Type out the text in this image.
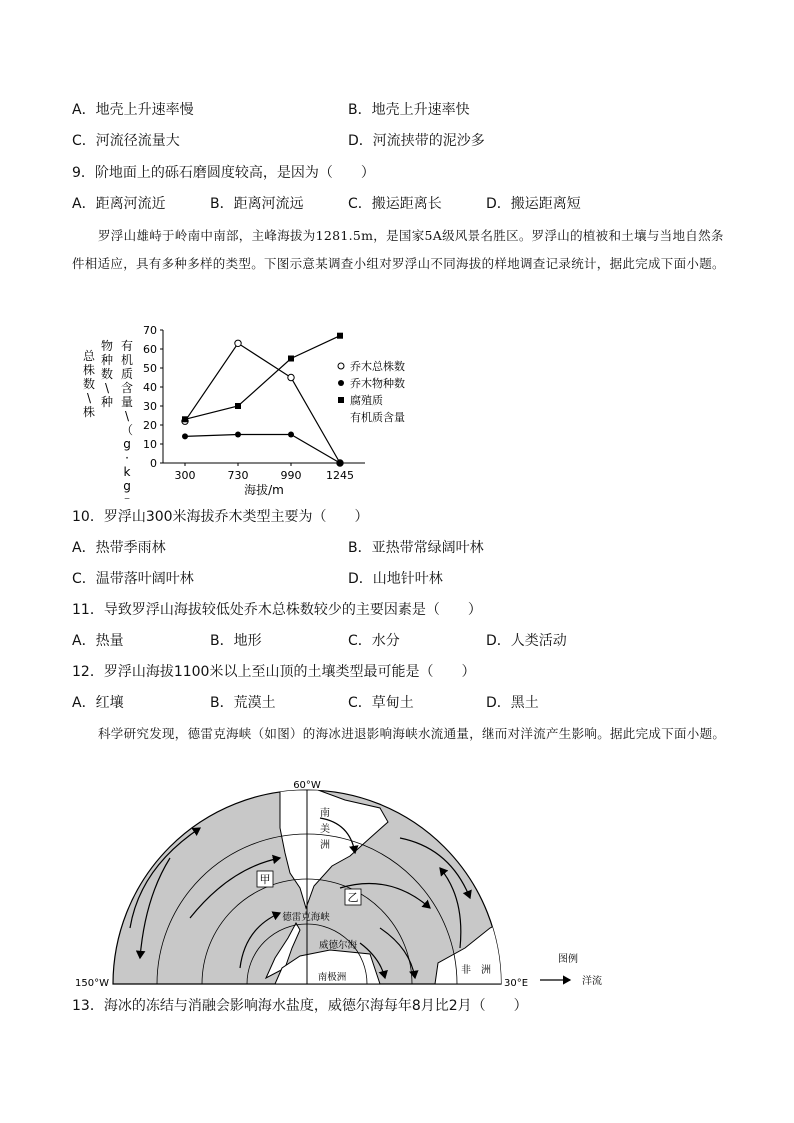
A．地壳上升速率慢	B．地壳上升速率快
C．河流径流量大	D．河流挟带的泥沙多
9．阶地面上的砾石磨圆度较高，是因为（　　）
A．距离河流近	B．距离河流远	C．搬运距离长	D．搬运距离短
罗浮山雄峙于岭南中南部，主峰海拔为1281.5m，是国家5A级风景名胜区。罗浮山的植被和土壤与当地自然条件相适应，具有多种多样的类型。下图示意某调查小组对罗浮山不同海拔的样地调查记录统计，据此完成下面小题。
0
10
20
30
40
50
60
70
300	730	990 1245
海拔/m
总
株
数
\
株
物
种
数
\
种
有
机
质
含
量
\
（
g
·
k
g
⁻
乔木总株数
乔木物种数
腐殖质
有机质含量
10．罗浮山300米海拔乔木类型主要为（　　）
A．热带季雨林	B．亚热带常绿阔叶林
C．温带落叶阔叶林	D．山地针叶林
11．导致罗浮山海拔较低处乔木总株数较少的主要因素是（　　）
A．热量	B．地形	C．水分	D．人类活动
12．罗浮山海拔1100米以上至山顶的土壤类型最可能是（　　）
A．红壤	B．荒漠土	C．草甸土	D．黑土
科学研究发现，德雷克海峡（如图）的海冰进退影响海峡水流通量，继而对洋流产生影响。据此完成下面小题。
60°W
150°W	30°E
南
美
洲
甲
乙
德雷克海峡
威德尔海
南极洲
非　洲
图例
洋流
13．海冰的冻结与消融会影响海水盐度，威德尔海每年8月比2月（　　）
